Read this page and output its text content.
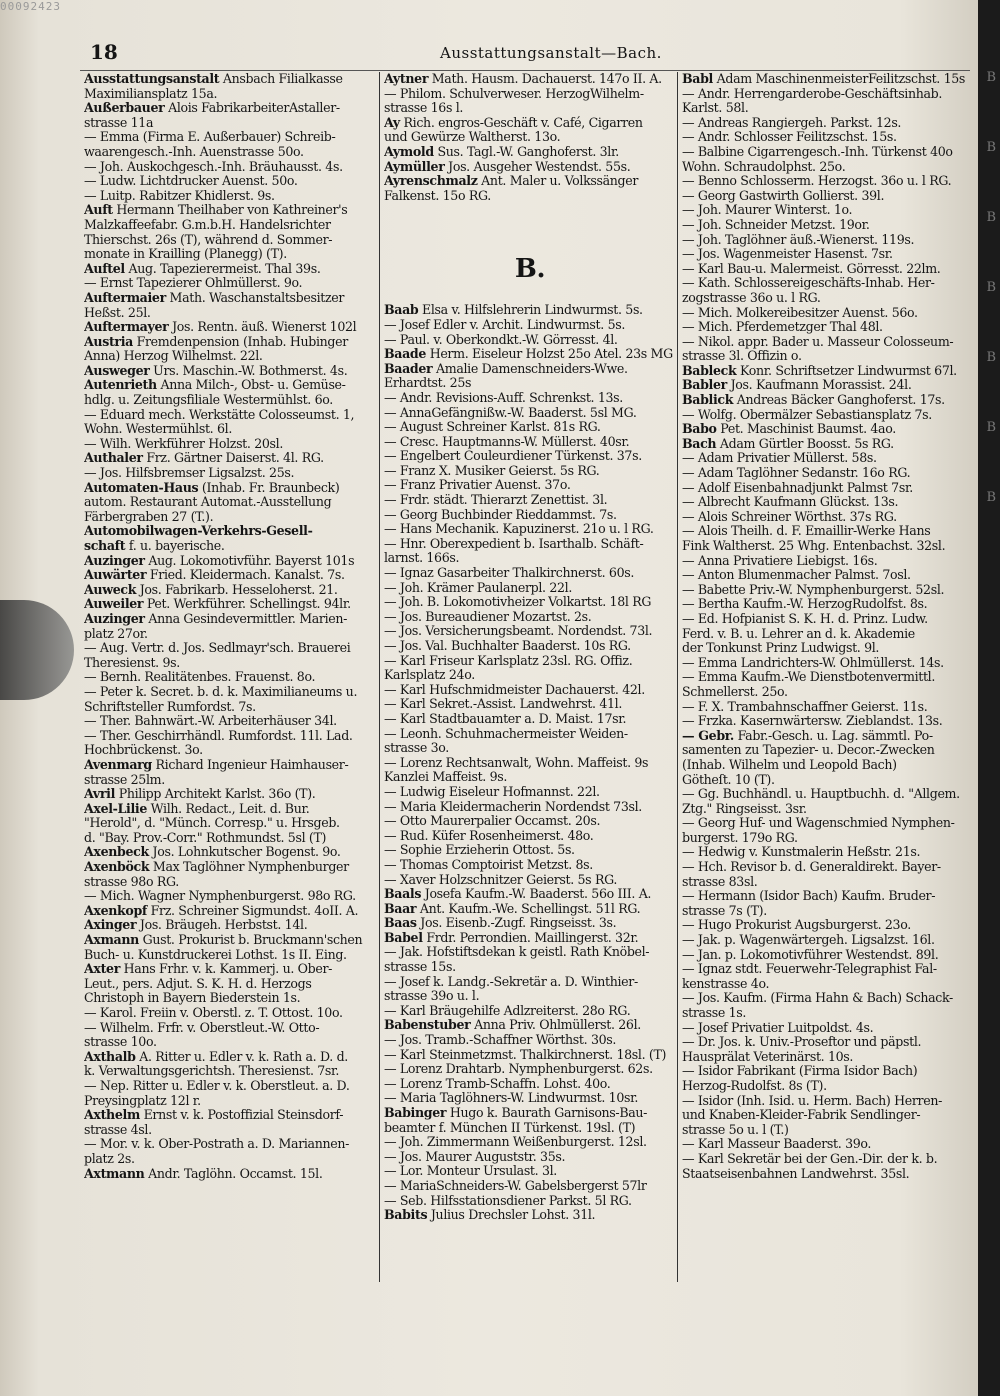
00092423
18	Ausstattungsanstalt—Bach.
Ausstattungsanstalt Ansbach Filialkasse
Maximiliansplatz 15a.
Außerbauer Alois FabrikarbeiterAstaller-
strasse 11a
— Emma (Firma E. Außerbauer) Schreib-
waarengesch.-Inh. Auenstrasse 50o.
— Joh. Auskochgesch.-Inh. Bräuhausst. 4s.
— Ludw. Lichtdrucker Auenst. 50o.
— Luitp. Rabitzer Khidlerst. 9s.
Auft Hermann Theilhaber von Kathreiner's
Malzkaffeefabr. G.m.b.H. Handelsrichter
Thierschst. 26s (T), während d. Sommer-
monate in Krailling (Planegg) (T).
Auftel Aug. Tapezierermeist. Thal 39s.
— Ernst Tapezierer Ohlmüllerst. 9o.
Auftermaier Math. Waschanstaltsbesitzer
Heßst. 25l.
Auftermayer Jos. Rentn. äuß. Wienerst 102l
Austria Fremdenpension (Inhab. Hubinger
Anna) Herzog Wilhelmst. 22l.
Ausweger Urs. Maschin.-W. Bothmerst. 4s.
Autenrieth Anna Milch-, Obst- u. Gemüse-
hdlg. u. Zeitungsfiliale Westermühlst. 6o.
— Eduard mech. Werkstätte Colosseumst. 1,
Wohn. Westermühlst. 6l.
— Wilh. Werkführer Holzst. 20sl.
Authaler Frz. Gärtner Daiserst. 4l. RG.
— Jos. Hilfsbremser Ligsalzst. 25s.
Automaten-Haus (Inhab. Fr. Braunbeck)
autom. Restaurant Automat.-Ausstellung
Färbergraben 27 (T.).
Automobilwagen-Verkehrs-Gesell-
schaft f. u. bayerische.
Auzinger Aug. Lokomotivführ. Bayerst 101s
Auwärter Fried. Kleidermach. Kanalst. 7s.
Auweck Jos. Fabrikarb. Hesseloherst. 21.
Auweiler Pet. Werkführer. Schellingst. 94lr.
Auzinger Anna Gesindevermittler. Marien-
platz 27or.
— Aug. Vertr. d. Jos. Sedlmayr'sch. Brauerei
Theresienst. 9s.
— Bernh. Realitätenbes. Frauenst. 8o.
— Peter k. Secret. b. d. k. Maximilianeums u.
Schriftsteller Rumfordst. 7s.
— Ther. Bahnwärt.-W. Arbeiterhäuser 34l.
— Ther. Geschirrhändl. Rumfordst. 11l. Lad.
Hochbrückenst. 3o.
Avenmarg Richard Ingenieur Haimhauser-
strasse 25lm.
Avril Philipp Architekt Karlst. 36o (T).
Axel-Lilie Wilh. Redact., Leit. d. Bur.
"Herold", d. "Münch. Corresp." u. Hrsgeb.
d. "Bay. Prov.-Corr." Rothmundst. 5sl (T)
Axenbeck Jos. Lohnkutscher Bogenst. 9o.
Axenböck Max Taglöhner Nymphenburger
strasse 98o RG.
— Mich. Wagner Nymphenburgerst. 98o RG.
Axenkopf Frz. Schreiner Sigmundst. 4oII. A.
Axinger Jos. Bräugeh. Herbstst. 14l.
Axmann Gust. Prokurist b. Bruckmann'schen
Buch- u. Kunstdruckerei Lothst. 1s II. Eing.
Axter Hans Frhr. v. k. Kammerj. u. Ober-
Leut., pers. Adjut. S. K. H. d. Herzogs
Christoph in Bayern Biederstein 1s.
— Karol. Freiin v. Oberstl. z. T. Ottost. 10o.
— Wilhelm. Frfr. v. Oberstleut.-W. Otto-
strasse 10o.
Axthalb A. Ritter u. Edler v. k. Rath a. D. d.
k. Verwaltungsgerichtsh. Theresienst. 7sr.
— Nep. Ritter u. Edler v. k. Oberstleut. a. D.
Preysingplatz 12l r.
Axthelm Ernst v. k. Postoffizial Steinsdorf-
strasse 4sl.
— Mor. v. k. Ober-Postrath a. D. Mariannen-
platz 2s.
Axtmann Andr. Taglöhn. Occamst. 15l.
Aytner Math. Hausm. Dachauerst. 147o II. A.
— Philom. Schulverweser. HerzogWilhelm-
strasse 16s l.
Ay Rich. engros-Geschäft v. Café, Cigarren
und Gewürze Waltherst. 13o.
Aymold Sus. Tagl.-W. Ganghoferst. 3lr.
Aymüller Jos. Ausgeher Westendst. 55s.
Ayrenschmalz Ant. Maler u. Volkssänger
Falkenst. 15o RG.
B.
Baab Elsa v. Hilfslehrerin Lindwurmst. 5s.
— Josef Edler v. Archit. Lindwurmst. 5s.
— Paul. v. Oberkondkt.-W. Görresst. 4l.
Baade Herm. Eiseleur Holzst 25o Atel. 23s MG
Baader Amalie Damenschneiders-Wwe.
Erhardtst. 25s
— Andr. Revisions-Auff. Schrenkst. 13s.
— AnnaGefängnißw.-W. Baaderst. 5sl MG.
— August Schreiner Karlst. 81s RG.
— Cresc. Hauptmanns-W. Müllerst. 40sr.
— Engelbert Couleurdiener Türkenst. 37s.
— Franz X. Musiker Geierst. 5s RG.
— Franz Privatier Auenst. 37o.
— Frdr. städt. Thierarzt Zenettist. 3l.
— Georg Buchbinder Rieddammst. 7s.
— Hans Mechanik. Kapuzinerst. 21o u. l RG.
— Hnr. Oberexpedient b. Isarthalb. Schäft-
larnst. 166s.
— Ignaz Gasarbeiter Thalkirchnerst. 60s.
— Joh. Krämer Paulanerpl. 22l.
— Joh. B. Lokomotivheizer Volkartst. 18l RG
— Jos. Bureaudiener Mozartst. 2s.
— Jos. Versicherungsbeamt. Nordendst. 73l.
— Jos. Val. Buchhalter Baaderst. 10s RG.
— Karl Friseur Karlsplatz 23sl. RG. Offiz.
Karlsplatz 24o.
— Karl Hufschmidmeister Dachauerst. 42l.
— Karl Sekret.-Assist. Landwehrst. 41l.
— Karl Stadtbauamter a. D. Maist. 17sr.
— Leonh. Schuhmachermeister Weiden-
strasse 3o.
— Lorenz Rechtsanwalt, Wohn. Maffeist. 9s
Kanzlei Maffeist. 9s.
— Ludwig Eiseleur Hofmannst. 22l.
— Maria Kleidermacherin Nordendst 73sl.
— Otto Maurerpalier Occamst. 20s.
— Rud. Küfer Rosenheimerst. 48o.
— Sophie Erzieherin Ottost. 5s.
— Thomas Comptoirist Metzst. 8s.
— Xaver Holzschnitzer Geierst. 5s RG.
Baals Josefa Kaufm.-W. Baaderst. 56o III. A.
Baar Ant. Kaufm.-We. Schellingst. 51l RG.
Baas Jos. Eisenb.-Zugf. Ringseisst. 3s.
Babel Frdr. Perrondien. Maillingerst. 32r.
— Jak. Hofstiftsdekan k geistl. Rath Knöbel-
strasse 15s.
— Josef k. Landg.-Sekretär a. D. Winthier-
strasse 39o u. l.
— Karl Bräugehilfe Adlzreiterst. 28o RG.
Babenstuber Anna Priv. Ohlmüllerst. 26l.
— Jos. Tramb.-Schaffner Wörthst. 30s.
— Karl Steinmetzmst. Thalkirchnerst. 18sl. (T)
— Lorenz Drahtarb. Nymphenburgerst. 62s.
— Lorenz Tramb-Schaffn. Lohst. 40o.
— Maria Taglöhners-W. Lindwurmst. 10sr.
Babinger Hugo k. Baurath Garnisons-Bau-
beamter f. München II Türkenst. 19sl. (T)
— Joh. Zimmermann Weißenburgerst. 12sl.
— Jos. Maurer Auguststr. 35s.
— Lor. Monteur Ursulast. 3l.
— MariaSchneiders-W. Gabelsbergerst 57lr
— Seb. Hilfsstationsdiener Parkst. 5l RG.
Babits Julius Drechsler Lohst. 31l.
Babl Adam MaschinenmeisterFeilitzschst. 15s
— Andr. Herrengarderobe-Geschäftsinhab.
Karlst. 58l.
— Andreas Rangiergeh. Parkst. 12s.
— Andr. Schlosser Feilitzschst. 15s.
— Balbine Cigarrengesch.-Inh. Türkenst 40o
Wohn. Schraudolphst. 25o.
— Benno Schlosserm. Herzogst. 36o u. l RG.
— Georg Gastwirth Gollierst. 39l.
— Joh. Maurer Winterst. 1o.
— Joh. Schneider Metzst. 19or.
— Joh. Taglöhner äuß.-Wienerst. 119s.
— Jos. Wagenmeister Hasenst. 7sr.
— Karl Bau-u. Malermeist. Görresst. 22lm.
— Kath. Schlossereigeschäfts-Inhab. Her-
zogstrasse 36o u. l RG.
— Mich. Molkereibesitzer Auenst. 56o.
— Mich. Pferdemetzger Thal 48l.
— Nikol. appr. Bader u. Masseur Colosseum-
strasse 3l. Offizin o.
Bableck Konr. Schriftsetzer Lindwurmst 67l.
Babler Jos. Kaufmann Morassist. 24l.
Bablick Andreas Bäcker Ganghoferst. 17s.
— Wolfg. Obermälzer Sebastiansplatz 7s.
Babo Pet. Maschinist Baumst. 4ao.
Bach Adam Gürtler Boosst. 5s RG.
— Adam Privatier Müllerst. 58s.
— Adam Taglöhner Sedanstr. 16o RG.
— Adolf Eisenbahnadjunkt Palmst 7sr.
— Albrecht Kaufmann Glückst. 13s.
— Alois Schreiner Wörthst. 37s RG.
— Alois Theilh. d. F. Emaillir-Werke Hans
Fink Waltherst. 25 Whg. Entenbachst. 32sl.
— Anna Privatiere Liebigst. 16s.
— Anton Blumenmacher Palmst. 7osl.
— Babette Priv.-W. Nymphenburgerst. 52sl.
— Bertha Kaufm.-W. HerzogRudolfst. 8s.
— Ed. Hofpianist S. K. H. d. Prinz. Ludw.
Ferd. v. B. u. Lehrer an d. k. Akademie
der Tonkunst Prinz Ludwigst. 9l.
— Emma Landrichters-W. Ohlmüllerst. 14s.
— Emma Kaufm.-We Dienstbotenvermittl.
Schmellerst. 25o.
— F. X. Trambahnschaffner Geierst. 11s.
— Frzka. Kasernwärtersw. Zieblandst. 13s.
— Gebr. Fabr.-Gesch. u. Lag. sämmtl. Po-
samenten zu Tapezier- u. Decor.-Zwecken
(Inhab. Wilhelm und Leopold Bach)
Götheſt. 10 (T).
— Gg. Buchhändl. u. Hauptbuchh. d. "Allgem.
Ztg." Ringseisst. 3sr.
— Georg Huf- und Wagenschmied Nymphen-
burgerst. 179o RG.
— Hedwig v. Kunstmalerin Heßstr. 21s.
— Hch. Revisor b. d. Generaldirekt. Bayer-
strasse 83sl.
— Hermann (Isidor Bach) Kaufm. Bruder-
strasse 7s (T).
— Hugo Prokurist Augsburgerst. 23o.
— Jak. p. Wagenwärtergeh. Ligsalzst. 16l.
— Jan. p. Lokomotivführer Westendst. 89l.
— Ignaz stdt. Feuerwehr-Telegraphist Fal-
kenstrasse 4o.
— Jos. Kaufm. (Firma Hahn & Bach) Schack-
strasse 1s.
— Josef Privatier Luitpoldst. 4s.
— Dr. Jos. k. Univ.-Proseftor und päpstl.
Hausprälat Veterinärst. 10s.
— Isidor Fabrikant (Firma Isidor Bach)
Herzog-Rudolfst. 8s (T).
— Isidor (Inh. Isid. u. Herm. Bach) Herren-
und Knaben-Kleider-Fabrik Sendlinger-
strasse 5o u. l (T.)
— Karl Masseur Baaderst. 39o.
— Karl Sekretär bei der Gen.-Dir. der k. b.
Staatseisenbahnen Landwehrst. 35sl.
B
B
B
B
B
B
B
